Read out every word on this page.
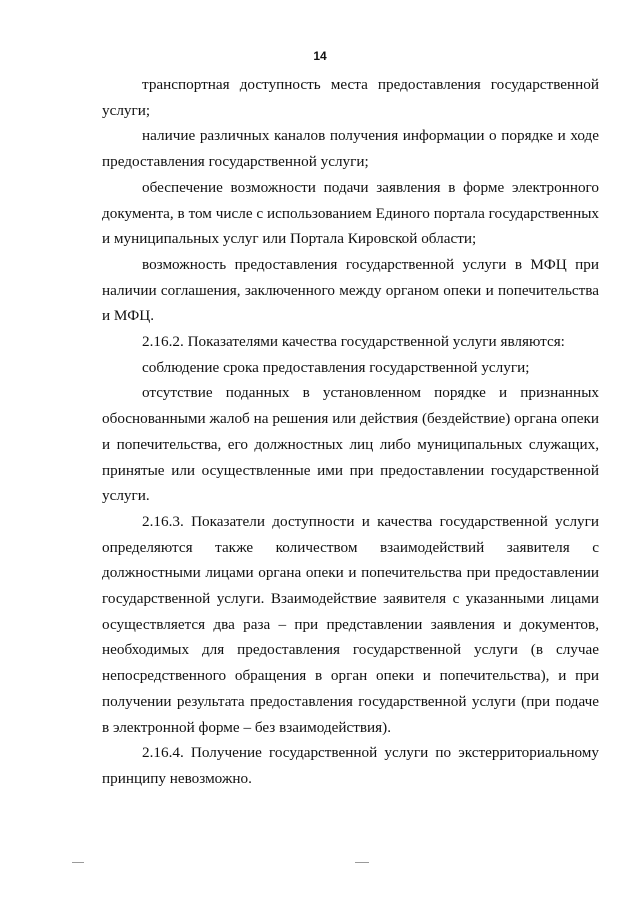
14

транспортная доступность места предоставления государственной услуги;

наличие различных каналов получения информации о порядке и ходе предоставления государственной услуги;

обеспечение возможности подачи заявления в форме электронного документа, в том числе с использованием Единого портала государственных и муниципальных услуг или Портала Кировской области;

возможность предоставления государственной услуги в МФЦ при наличии соглашения, заключенного между органом опеки и попечительства и МФЦ.

2.16.2. Показателями качества государственной услуги являются:

соблюдение срока предоставления государственной услуги;

отсутствие поданных в установленном порядке и признанных обоснованными жалоб на решения или действия (бездействие) органа опеки и попечительства, его должностных лиц либо муниципальных служащих, принятые или осуществленные ими при предоставлении государственной услуги.

2.16.3. Показатели доступности и качества государственной услуги определяются также количеством взаимодействий заявителя с должностными лицами органа опеки и попечительства при предоставлении государственной услуги. Взаимодействие заявителя с указанными лицами осуществляется два раза – при представлении заявления и документов, необходимых для предоставления государственной услуги (в случае непосредственного обращения в орган опеки и попечительства), и при получении результата предоставления государственной услуги (при подаче в электронной форме – без взаимодействия).

2.16.4. Получение государственной услуги по экстерриториальному принципу невозможно.
